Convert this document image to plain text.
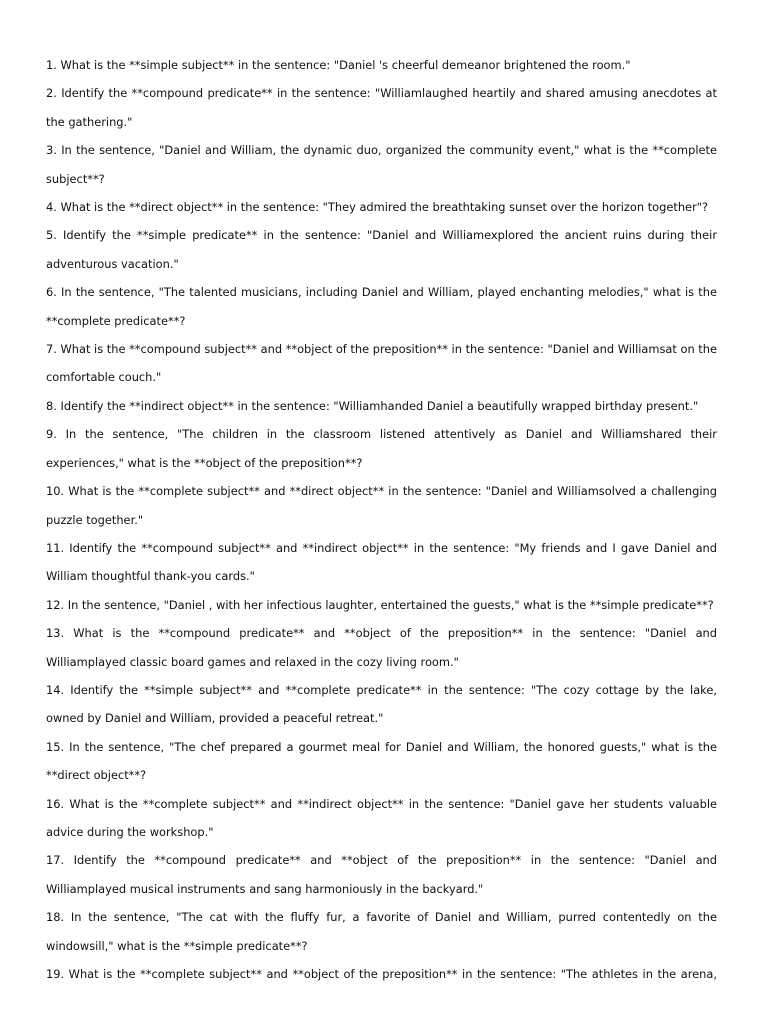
1. What is the **simple subject** in the sentence: "Daniel 's cheerful demeanor brightened the room."

2. Identify the **compound predicate** in the sentence: "Williamlaughed heartily and shared amusing anecdotes at the gathering."

3. In the sentence, "Daniel and William, the dynamic duo, organized the community event," what is the **complete subject**?

4. What is the **direct object** in the sentence: "They admired the breathtaking sunset over the horizon together"?

5. Identify the **simple predicate** in the sentence: "Daniel and Williamexplored the ancient ruins during their adventurous vacation."

6. In the sentence, "The talented musicians, including Daniel and William, played enchanting melodies," what is the **complete predicate**?

7. What is the **compound subject** and **object of the preposition** in the sentence: "Daniel and Williamsat on the comfortable couch."

8. Identify the **indirect object** in the sentence: "Williamhanded Daniel a beautifully wrapped birthday present."

9. In the sentence, "The children in the classroom listened attentively as Daniel and Williamshared their experiences," what is the **object of the preposition**?

10. What is the **complete subject** and **direct object** in the sentence: "Daniel and Williamsolved a challenging puzzle together."

11. Identify the **compound subject** and **indirect object** in the sentence: "My friends and I gave Daniel and William thoughtful thank-you cards."

12. In the sentence, "Daniel , with her infectious laughter, entertained the guests," what is the **simple predicate**?

13. What is the **compound predicate** and **object of the preposition** in the sentence: "Daniel and Williamplayed classic board games and relaxed in the cozy living room."

14. Identify the **simple subject** and **complete predicate** in the sentence: "The cozy cottage by the lake, owned by Daniel and William, provided a peaceful retreat."

15. In the sentence, "The chef prepared a gourmet meal for Daniel and William, the honored guests," what is the **direct object**?

16. What is the **complete subject** and **indirect object** in the sentence: "Daniel gave her students valuable advice during the workshop."

17. Identify the **compound predicate** and **object of the preposition** in the sentence: "Daniel and Williamplayed musical instruments and sang harmoniously in the backyard."

18. In the sentence, "The cat with the fluffy fur, a favorite of Daniel and William, purred contentedly on the windowsill," what is the **simple predicate**?

19. What is the **complete subject** and **object of the preposition** in the sentence: "The athletes in the arena,
